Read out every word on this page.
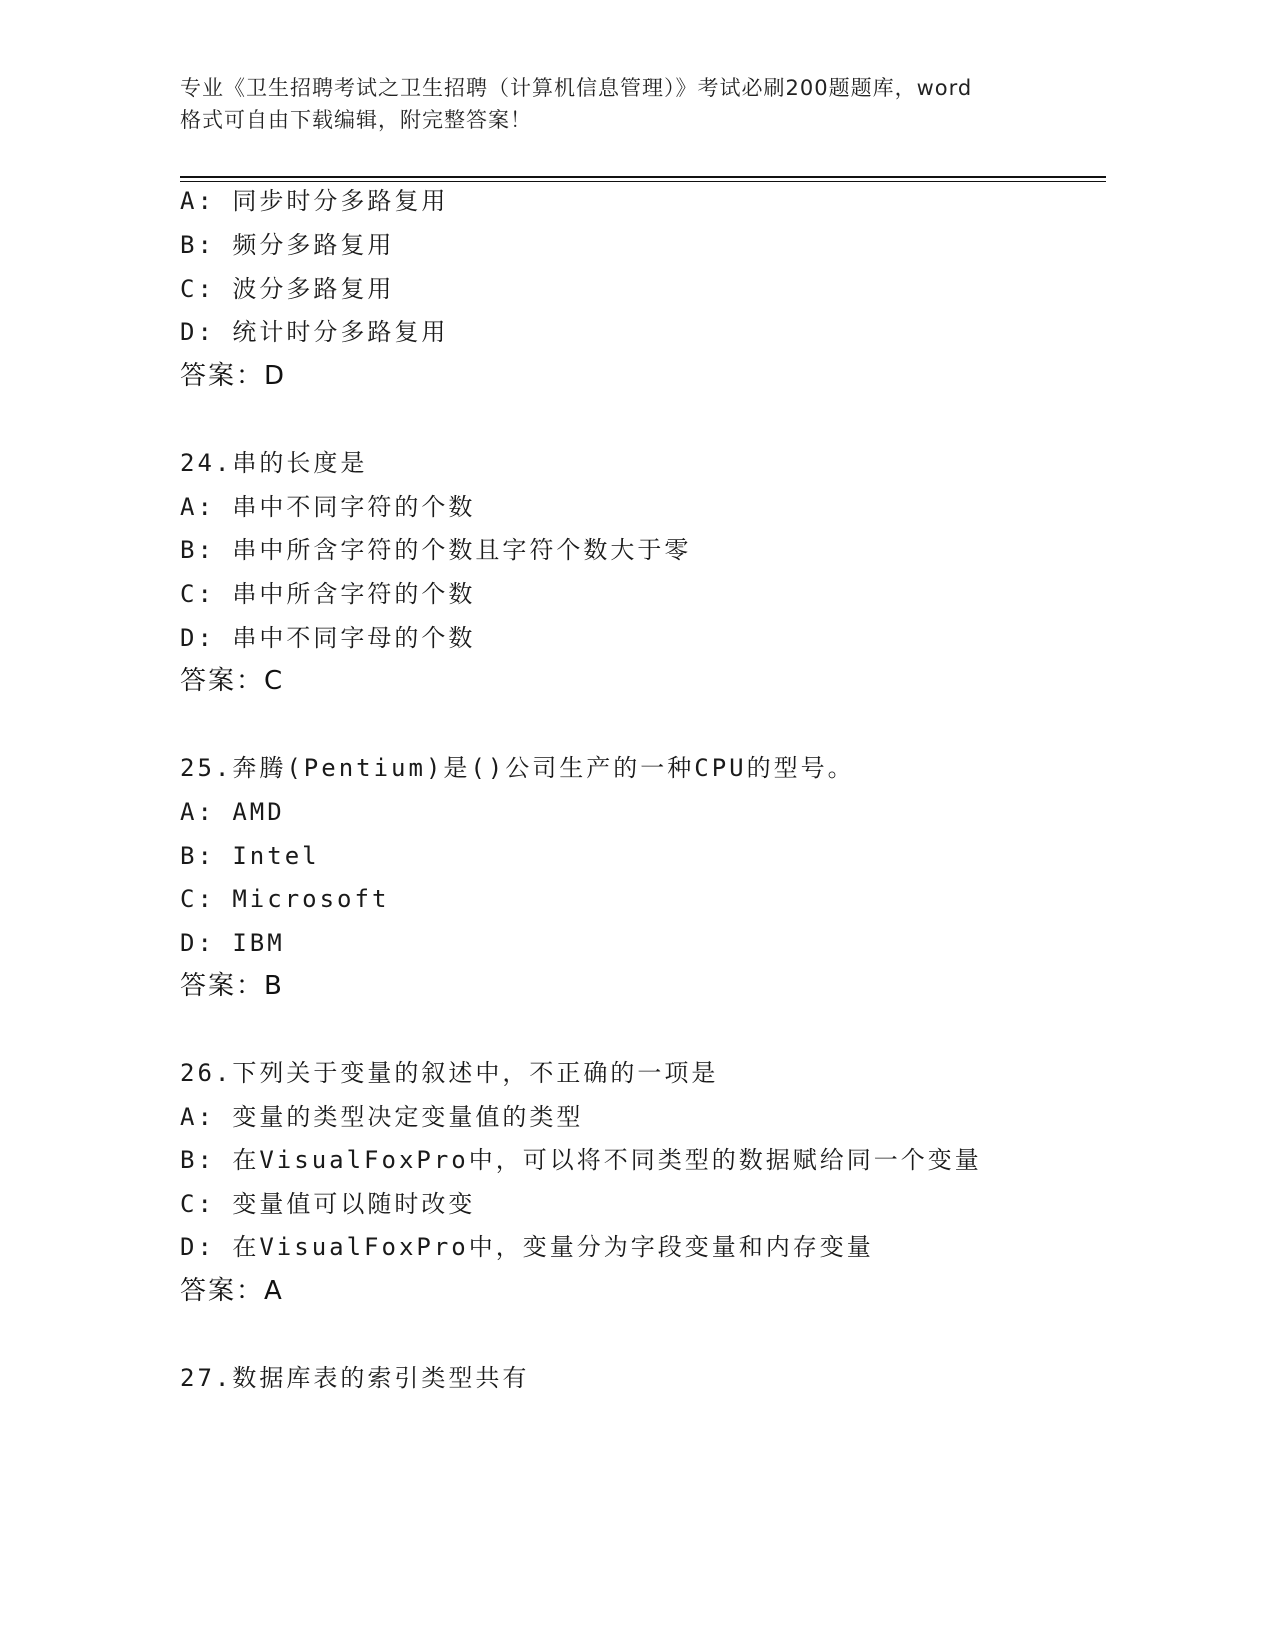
专业《卫生招聘考试之卫生招聘（计算机信息管理）》考试必刷200题题库，word
格式可自由下载编辑，附完整答案！
A: 同步时分多路复用
B: 频分多路复用
C: 波分多路复用
D: 统计时分多路复用
答案：D
24.串的长度是
A: 串中不同字符的个数
B: 串中所含字符的个数且字符个数大于零
C: 串中所含字符的个数
D: 串中不同字母的个数
答案：C
25.奔腾(Pentium)是()公司生产的一种CPU的型号。
A: AMD
B: Intel
C: Microsoft
D: IBM
答案：B
26.下列关于变量的叙述中，不正确的一项是
A: 变量的类型决定变量值的类型
B: 在VisualFoxPro中，可以将不同类型的数据赋给同一个变量
C: 变量值可以随时改变
D: 在VisualFoxPro中，变量分为字段变量和内存变量
答案：A
27.数据库表的索引类型共有
